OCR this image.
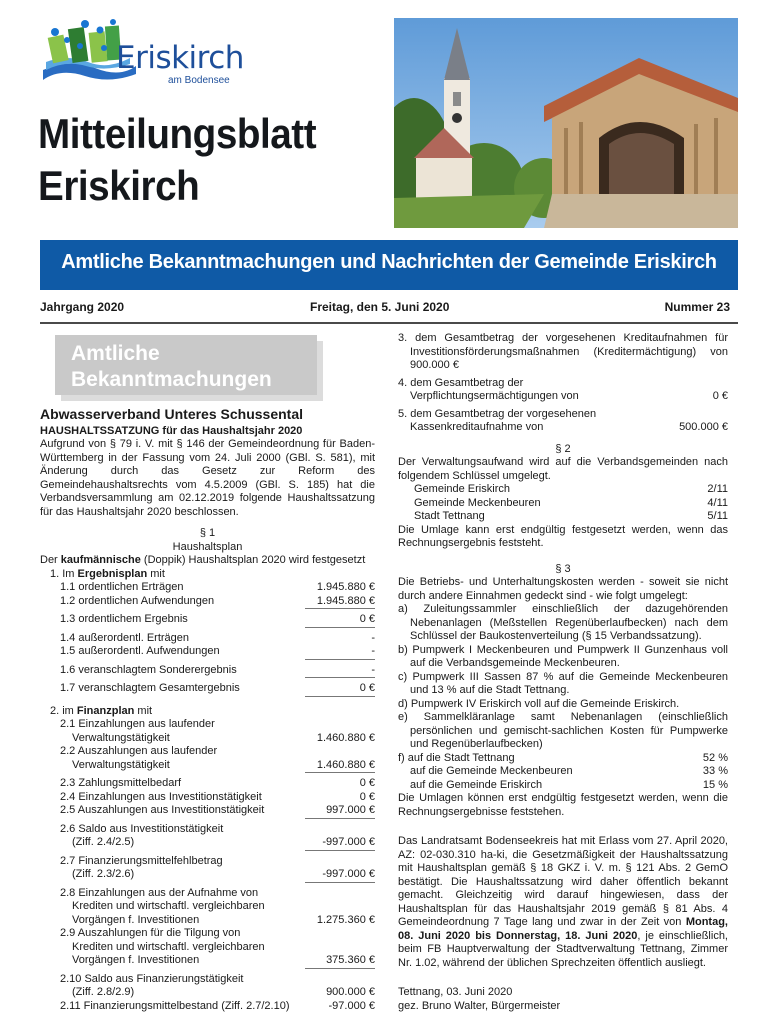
Eriskirch
am Bodensee
Mitteilungsblatt
Eriskirch
Amtliche Bekanntmachungen und Nachrichten der Gemeinde Eriskirch
Jahrgang 2020	Freitag, den 5. Juni 2020	Nummer 23
Amtliche
Bekanntmachungen
Abwasserverband Unteres Schussental
HAUSHALTSSATZUNG für das Haushaltsjahr 2020
Aufgrund von § 79 i. V. mit § 146 der Gemeindeordnung für Baden-Württemberg in der Fassung vom 24. Juli 2000 (GBl. S. 581), mit Änderung durch das Gesetz zur Reform des Gemeindehaushaltsrechts vom 4.5.2009 (GBl. S. 185) hat die Verbandsversammlung am 02.12.2019 folgende Haushaltssatzung für das Haushaltsjahr 2020 beschlossen.
§ 1
Haushaltsplan
Der kaufmännische (Doppik) Haushaltsplan 2020 wird festgesetzt
1. Im Ergebnisplan mit
1.1 ordentlichen Erträgen	1.945.880 €
1.2 ordentlichen Aufwendungen	1.945.880 €
1.3 ordentlichem Ergebnis	0 €
1.4 außerordentl. Erträgen	-
1.5 außerordentl. Aufwendungen	-
1.6 veranschlagtem Sonderergebnis	-
1.7 veranschlagtem Gesamtergebnis	0 €
2. im Finanzplan mit
2.1 Einzahlungen aus laufender
Verwaltungstätigkeit	1.460.880 €
2.2 Auszahlungen aus laufender
Verwaltungstätigkeit	1.460.880 €
2.3 Zahlungsmittelbedarf	0 €
2.4 Einzahlungen aus Investitionstätigkeit	0 €
2.5 Auszahlungen aus Investitionstätigkeit	997.000 €
2.6 Saldo aus Investitionstätigkeit
(Ziff. 2.4/2.5)	-997.000 €
2.7 Finanzierungsmittelfehlbetrag
(Ziff. 2.3/2.6)	-997.000 €
2.8 Einzahlungen aus der Aufnahme von
Krediten und wirtschaftl. vergleichbaren
Vorgängen f. Investitionen	1.275.360 €
2.9 Auszahlungen für die Tilgung von
Krediten und wirtschaftl. vergleichbaren
Vorgängen f. Investitionen	375.360 €
2.10 Saldo aus Finanzierungstätigkeit
(Ziff. 2.8/2.9)	900.000 €
2.11 Finanzierungsmittelbestand (Ziff. 2.7/2.10)	-97.000 €
3. dem Gesamtbetrag der vorgesehenen Kreditaufnahmen für Investitionsförderungsmaßnahmen (Kreditermächtigung) von 900.000 €
4. dem Gesamtbetrag der Verpflichtungsermächtigungen von	0 €
5. dem Gesamtbetrag der vorgesehenen Kassenkreditaufnahme von	500.000 €
§ 2
Der Verwaltungsaufwand wird auf die Verbandsgemeinden nach folgendem Schlüssel umgelegt.
Gemeinde Eriskirch	2/11
Gemeinde Meckenbeuren	4/11
Stadt Tettnang	5/11
Die Umlage kann erst endgültig festgesetzt werden, wenn das Rechnungsergebnis feststeht.
§ 3
Die Betriebs- und Unterhaltungskosten werden - soweit sie nicht durch andere Einnahmen gedeckt sind - wie folgt umgelegt:
a) Zuleitungssammler einschließlich der dazugehörenden Nebenanlagen (Meßstellen Regenüberlaufbecken) nach dem Schlüssel der Baukostenverteilung (§ 15 Verbandssatzung).
b) Pumpwerk I Meckenbeuren und Pumpwerk II Gunzenhaus voll auf die Verbandsgemeinde Meckenbeuren.
c) Pumpwerk III Sassen 87 % auf die Gemeinde Meckenbeuren und 13 % auf die Stadt Tettnang.
d) Pumpwerk IV Eriskirch voll auf die Gemeinde Eriskirch.
e) Sammelkläranlage samt Nebenanlagen (einschließlich persönlichen und gemischt-sachlichen Kosten für Pumpwerke und Regenüberlaufbecken)
f) auf die Stadt Tettnang	52 %
auf die Gemeinde Meckenbeuren	33 %
auf die Gemeinde Eriskirch	15 %
Die Umlagen können erst endgültig festgesetzt werden, wenn die Rechnungsergebnisse feststehen.
Das Landratsamt Bodenseekreis hat mit Erlass vom 27. April 2020, AZ: 02-030.310 ha-ki, die Gesetzmäßigkeit der Haushaltssatzung mit Haushaltsplan gemäß § 18 GKZ i. V. m. § 121 Abs. 2 GemO bestätigt. Die Haushaltssatzung wird daher öffentlich bekannt gemacht. Gleichzeitig wird darauf hingewiesen, dass der Haushaltsplan für das Haushaltsjahr 2019 gemäß § 81 Abs. 4 Gemeindeordnung 7 Tage lang und zwar in der Zeit von Montag, 08. Juni 2020 bis Donnerstag, 18. Juni 2020, je einschließlich, beim FB Hauptverwaltung der Stadtverwaltung Tettnang, Zimmer Nr. 1.02, während der üblichen Sprechzeiten öffentlich ausliegt.
Tettnang, 03. Juni 2020
gez. Bruno Walter, Bürgermeister
